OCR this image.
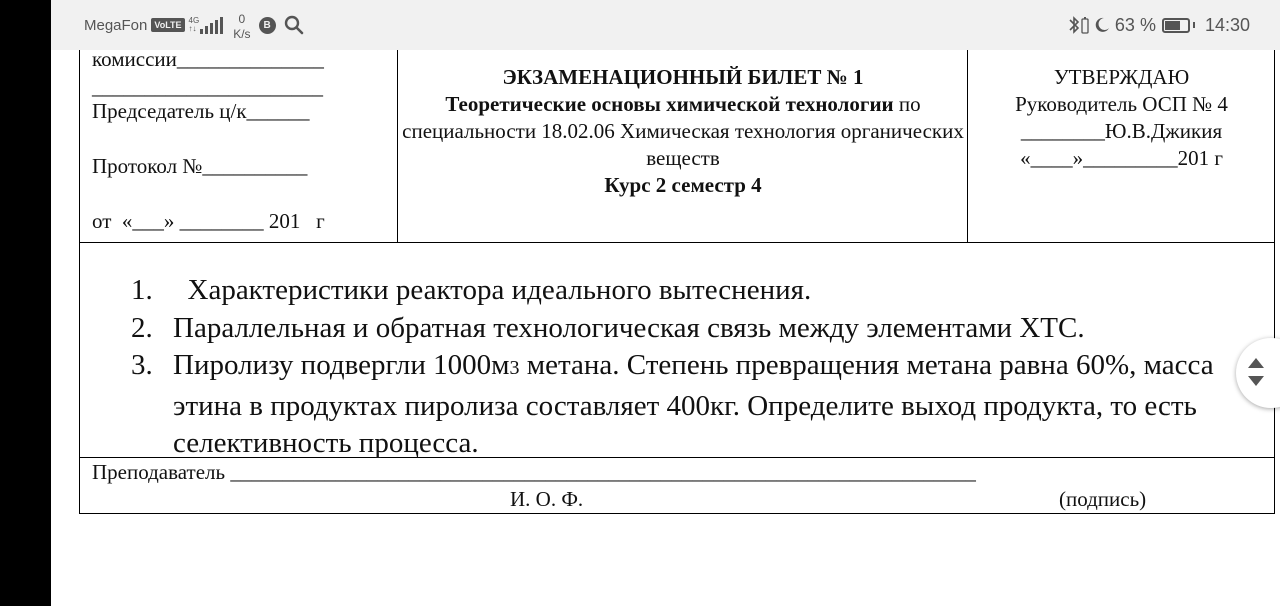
MegaFon VoLTE 4G
↑↓
0
K/s
B	63 %	14:30
комиссии______________
______________________
Председатель ц/к______
Протокол №__________
от  «___» ________ 201   г
ЭКЗАМЕНАЦИОННЫЙ БИЛЕТ № 1
Теоретические основы химической технологии по специальности 18.02.06 Химическая технология органических веществ
Курс 2 семестр 4
УТВЕРЖДАЮ
Руководитель ОСП № 4
________Ю.В.Джикия
«____»_________201 г
1. Характеристики реактора идеального вытеснения.
2. Параллельная и обратная технологическая связь между элементами ХТС.
3. Пиролизу подвергли 1000м3 метана. Степень превращения метана равна 60%, масса этина в продуктах пиролиза составляет 400кг. Определите выход продукта, то есть селективность процесса.
Преподаватель _______________________________________________________________________
И. О. Ф.	(подпись)
